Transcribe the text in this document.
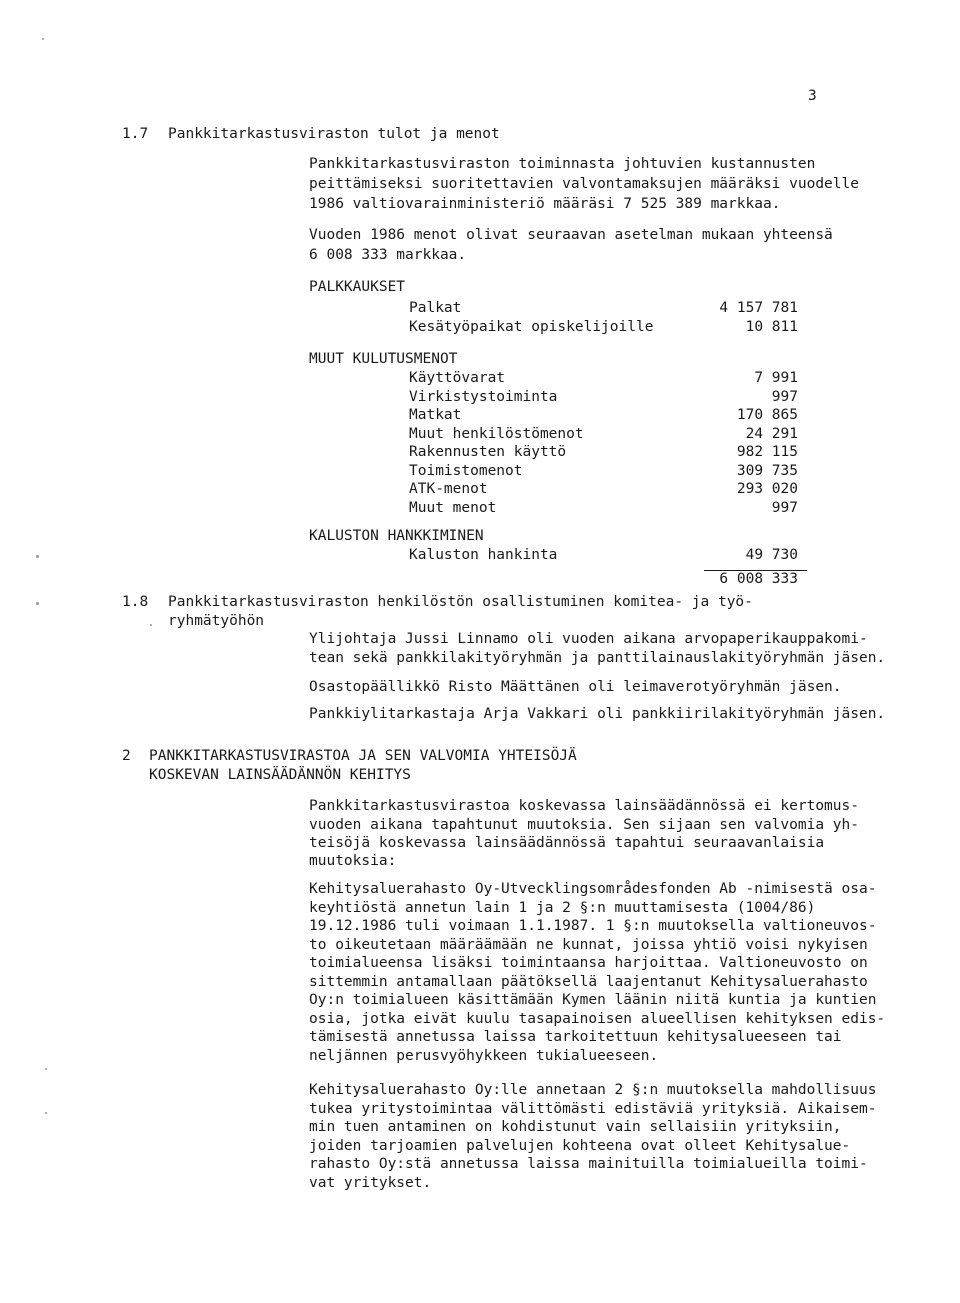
3
1.7 Pankkitarkastusviraston tulot ja menot
Pankkitarkastusviraston toiminnasta johtuvien kustannusten
peittämiseksi suoritettavien valvontamaksujen määräksi vuodelle
1986 valtiovarainministeriö määräsi 7 525 389 markkaa.
Vuoden 1986 menot olivat seuraavan asetelman mukaan yhteensä
6 008 333 markkaa.
PALKKAUKSET
Palkat	4 157 781
Kesätyöpaikat opiskelijoille	10 811
MUUT KULUTUSMENOT
Käyttövarat	7 991
Virkistystoiminta	997
Matkat	170 865
Muut henkilöstömenot	24 291
Rakennusten käyttö	982 115
Toimistomenot	309 735
ATK-menot	293 020
Muut menot	997
KALUSTON HANKKIMINEN
Kaluston hankinta	49 730
6 008 333
1.8 Pankkitarkastusviraston henkilöstön osallistuminen komitea- ja työ-
ryhmätyöhön
Ylijohtaja Jussi Linnamo oli vuoden aikana arvopaperikauppakomi-
tean sekä pankkilakityöryhmän ja panttilainauslakityöryhmän jäsen.
Osastopäällikkö Risto Määttänen oli leimaverotyöryhmän jäsen.
Pankkiylitarkastaja Arja Vakkari oli pankkiirilakityöryhmän jäsen.
2 PANKKITARKASTUSVIRASTOA JA SEN VALVOMIA YHTEISÖJÄ
KOSKEVAN LAINSÄÄDÄNNÖN KEHITYS
Pankkitarkastusvirastoa koskevassa lainsäädännössä ei kertomus-
vuoden aikana tapahtunut muutoksia. Sen sijaan sen valvomia yh-
teisöjä koskevassa lainsäädännössä tapahtui seuraavanlaisia
muutoksia:
Kehitysaluerahasto Oy-Utvecklingsområdesfonden Ab -nimisestä osa-
keyhtiöstä annetun lain 1 ja 2 §:n muuttamisesta (1004/86)
19.12.1986 tuli voimaan 1.1.1987. 1 §:n muutoksella valtioneuvos-
to oikeutetaan määräämään ne kunnat, joissa yhtiö voisi nykyisen
toimialueensa lisäksi toimintaansa harjoittaa. Valtioneuvosto on
sittemmin antamallaan päätöksellä laajentanut Kehitysaluerahasto
Oy:n toimialueen käsittämään Kymen läänin niitä kuntia ja kuntien
osia, jotka eivät kuulu tasapainoisen alueellisen kehityksen edis-
tämisestä annetussa laissa tarkoitettuun kehitysalueeseen tai
neljännen perusvyöhykkeen tukialueeseen.
Kehitysaluerahasto Oy:lle annetaan 2 §:n muutoksella mahdollisuus
tukea yritystoimintaa välittömästi edistäviä yrityksiä. Aikaisem-
min tuen antaminen on kohdistunut vain sellaisiin yrityksiin,
joiden tarjoamien palvelujen kohteena ovat olleet Kehitysalue-
rahasto Oy:stä annetussa laissa mainituilla toimialueilla toimi-
vat yritykset.
